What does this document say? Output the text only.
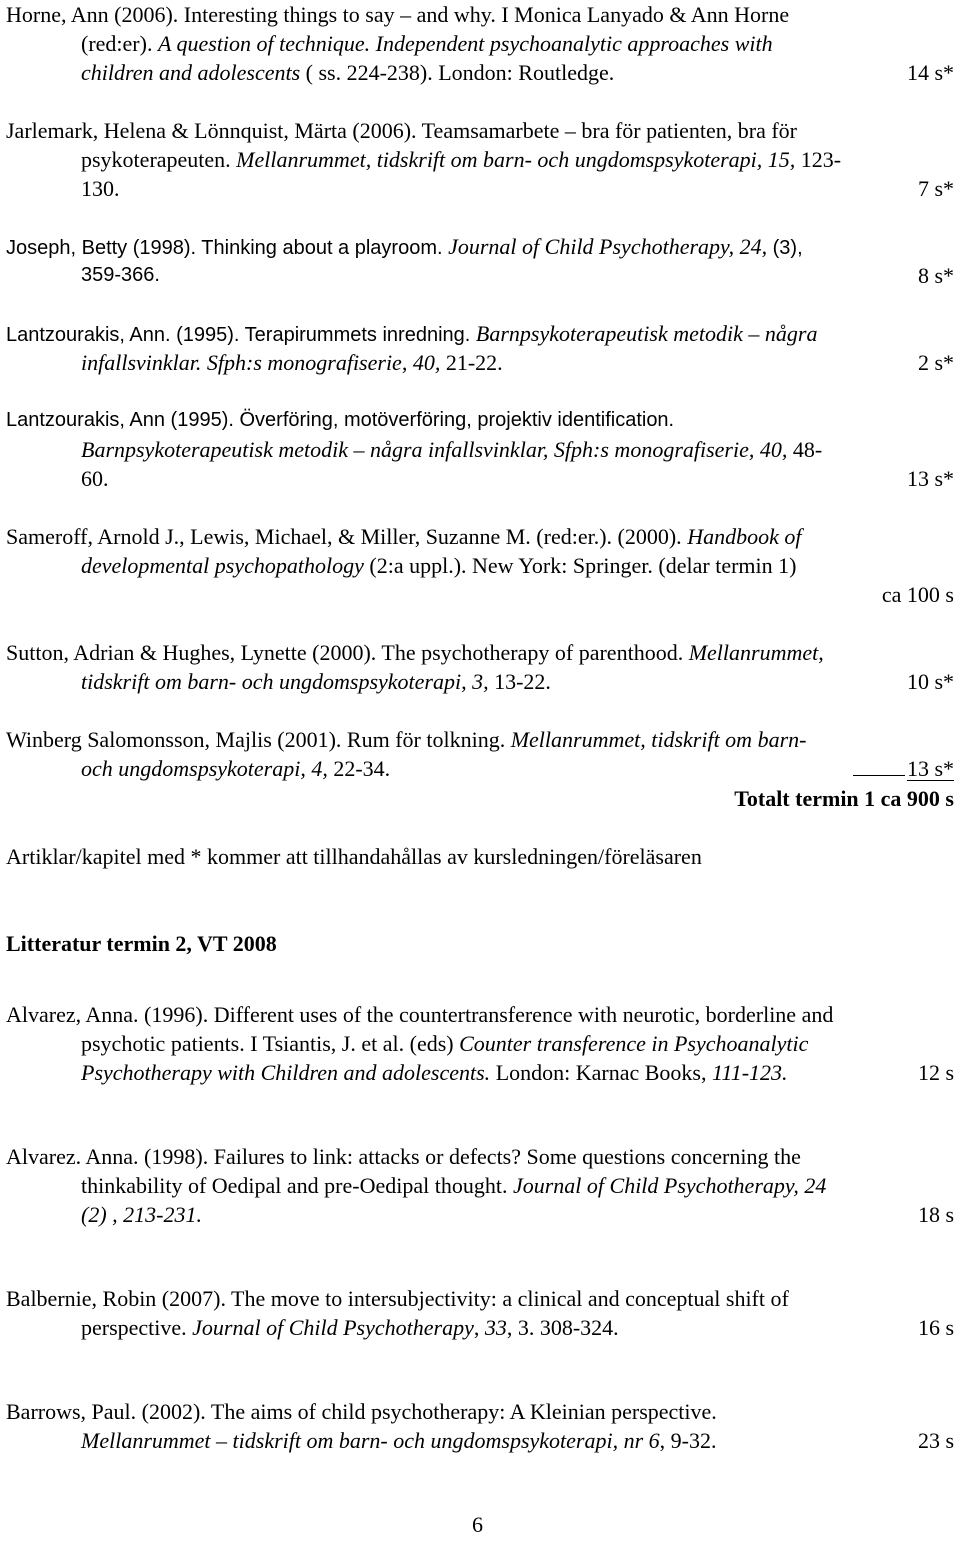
Horne, Ann (2006). Interesting things to say – and why. I Monica Lanyado & Ann Horne
(red:er). A question of technique. Independent psychoanalytic approaches with
children and adolescents ( ss. 224-238). London: Routledge.	14 s*
Jarlemark, Helena & Lönnquist, Märta (2006). Teamsamarbete – bra för patienten, bra för
psykoterapeuten. Mellanrummet, tidskrift om barn- och ungdomspsykoterapi, 15, 123-
130.	7 s*
Joseph, Betty (1998). Thinking about a playroom. Journal of Child Psychotherapy, 24, (3),
359-366.	8 s*
Lantzourakis, Ann. (1995). Terapirummets inredning. Barnpsykoterapeutisk metodik – några
infallsvinklar. Sfph:s monografiserie, 40, 21-22.	2 s*
Lantzourakis, Ann (1995). Överföring, motöverföring, projektiv identification.
Barnpsykoterapeutisk metodik – några infallsvinklar, Sfph:s monografiserie, 40, 48-
60.	13 s*
Sameroff, Arnold J., Lewis, Michael, & Miller, Suzanne M. (red:er.). (2000). Handbook of
developmental psychopathology (2:a uppl.). New York: Springer. (delar termin 1)
ca 100 s
Sutton, Adrian & Hughes, Lynette (2000). The psychotherapy of parenthood. Mellanrummet,
tidskrift om barn- och ungdomspsykoterapi, 3, 13-22.	10 s*
Winberg Salomonsson, Majlis (2001). Rum för tolkning. Mellanrummet, tidskrift om barn-
och ungdomspsykoterapi, 4, 22-34.	13 s*
Totalt termin 1 ca 900 s
Artiklar/kapitel med * kommer att tillhandahållas av kursledningen/föreläsaren
Litteratur termin 2, VT 2008
Alvarez, Anna. (1996). Different uses of the countertransference with neurotic, borderline and
psychotic patients. I Tsiantis, J. et al. (eds) Counter transference in Psychoanalytic
Psychotherapy with Children and adolescents. London: Karnac Books, 111-123.	12 s
Alvarez. Anna. (1998). Failures to link: attacks or defects? Some questions concerning the
thinkability of Oedipal and pre-Oedipal thought. Journal of Child Psychotherapy, 24
(2) , 213-231.	18 s
Balbernie, Robin (2007). The move to intersubjectivity: a clinical and conceptual shift of
perspective. Journal of Child Psychotherapy, 33, 3. 308-324.	16 s
Barrows, Paul. (2002). The aims of child psychotherapy: A Kleinian perspective.
Mellanrummet – tidskrift om barn- och ungdomspsykoterapi, nr 6, 9-32.	23 s
6
